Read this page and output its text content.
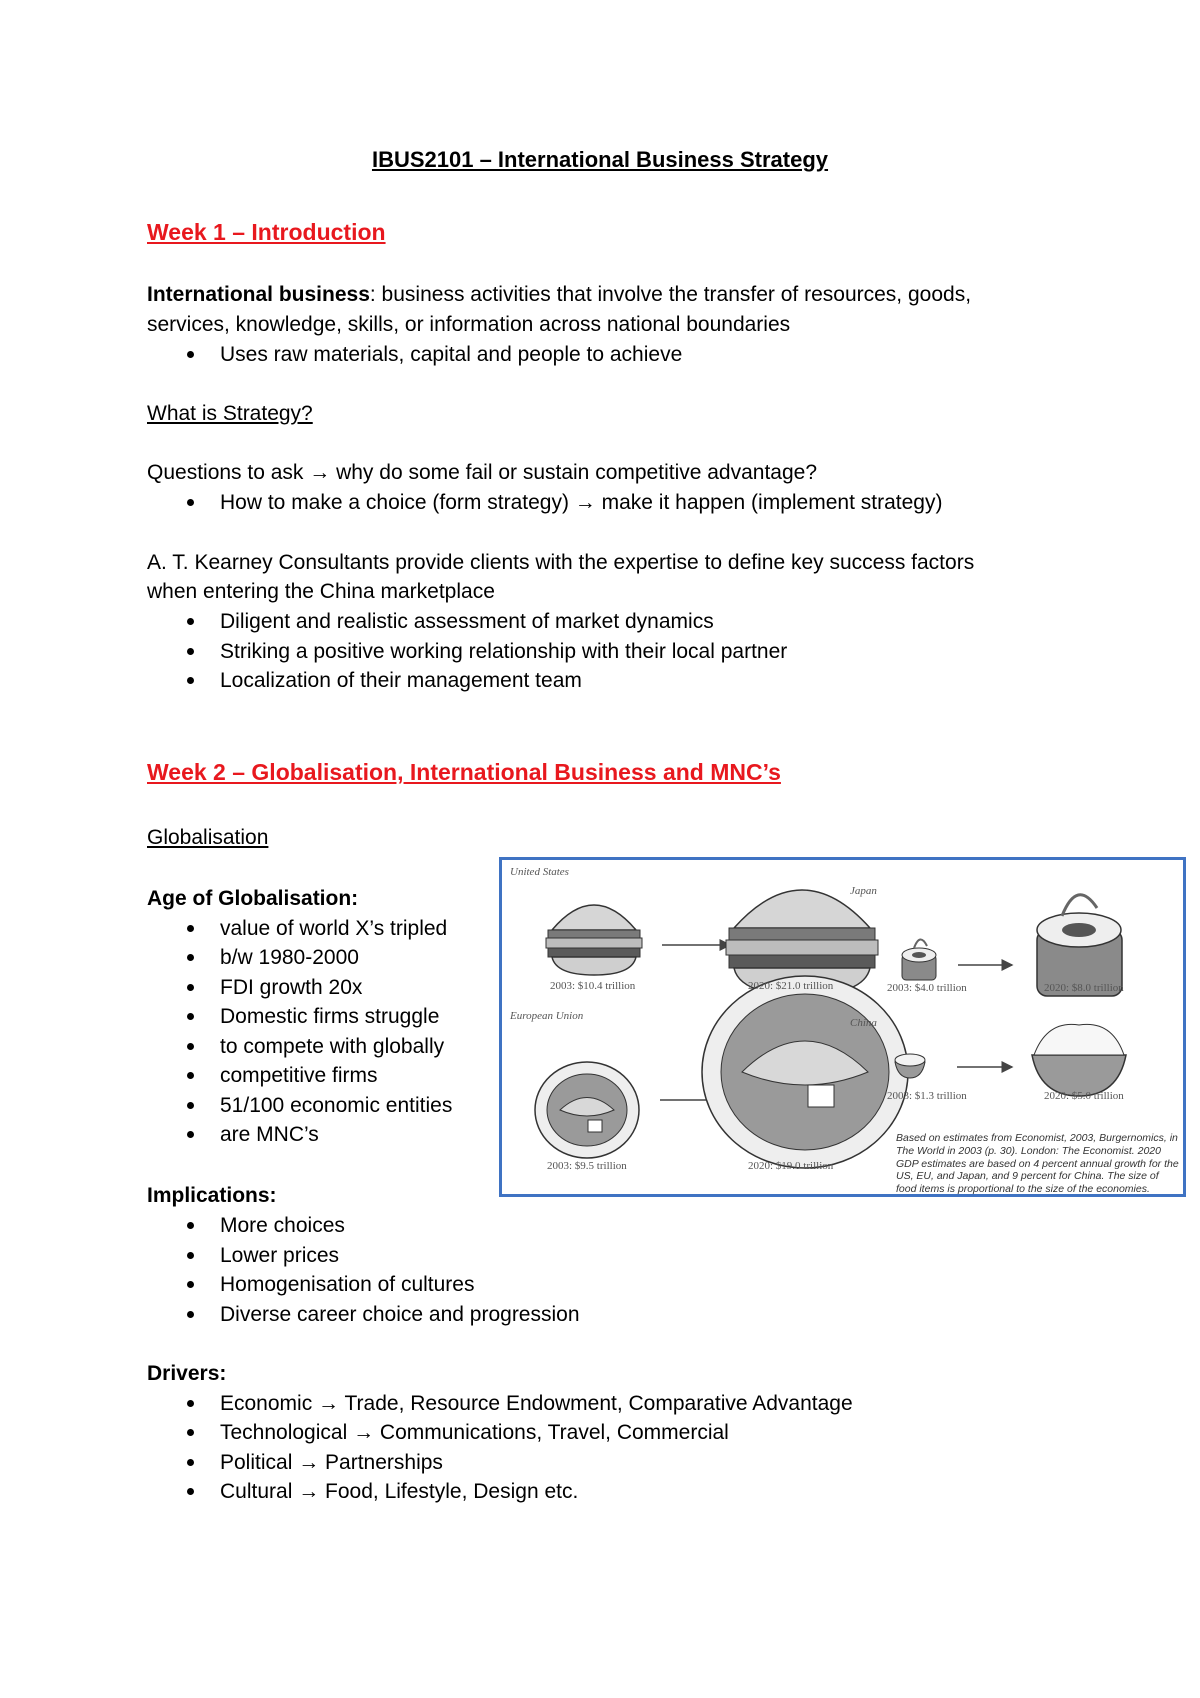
IBUS2101 – International Business Strategy
Week 1 – Introduction
International business: business activities that involve the transfer of resources, goods,
services, knowledge, skills, or information across national boundaries
Uses raw materials, capital and people to achieve
What is Strategy?
Questions to ask → why do some fail or sustain competitive advantage?
How to make a choice (form strategy) → make it happen (implement strategy)
A. T. Kearney Consultants provide clients with the expertise to define key success factors
when entering the China marketplace
Diligent and realistic assessment of market dynamics
Striking a positive working relationship with their local partner
Localization of their management team
Week 2 – Globalisation, International Business and MNC’s
Globalisation
Age of Globalisation:
value of world X’s tripled
b/w 1980-2000
FDI growth 20x
Domestic firms struggle
to compete with globally
competitive firms
51/100 economic entities
are MNC’s
Implications:
More choices
Lower prices
Homogenisation of cultures
Diverse career choice and progression
Drivers:
Economic → Trade, Resource Endowment, Comparative Advantage
Technological → Communications, Travel, Commercial
Political → Partnerships
Cultural → Food, Lifestyle, Design etc.
United States
2003: $10.4 trillion	2020: $21.0 trillion
Japan
2003: $4.0 trillion	2020: $8.0 trillion
European Union
2003: $9.5 trillion	2020: $19.0 trillion
China
2003: $1.3 trillion	2020: $5.0 trillion
Based on estimates from Economist, 2003, Burgernomics, in The World in 2003 (p. 30). London: The Economist. 2020 GDP estimates are based on 4 percent annual growth for the US, EU, and Japan, and 9 percent for China. The size of food items is proportional to the size of the economies.
